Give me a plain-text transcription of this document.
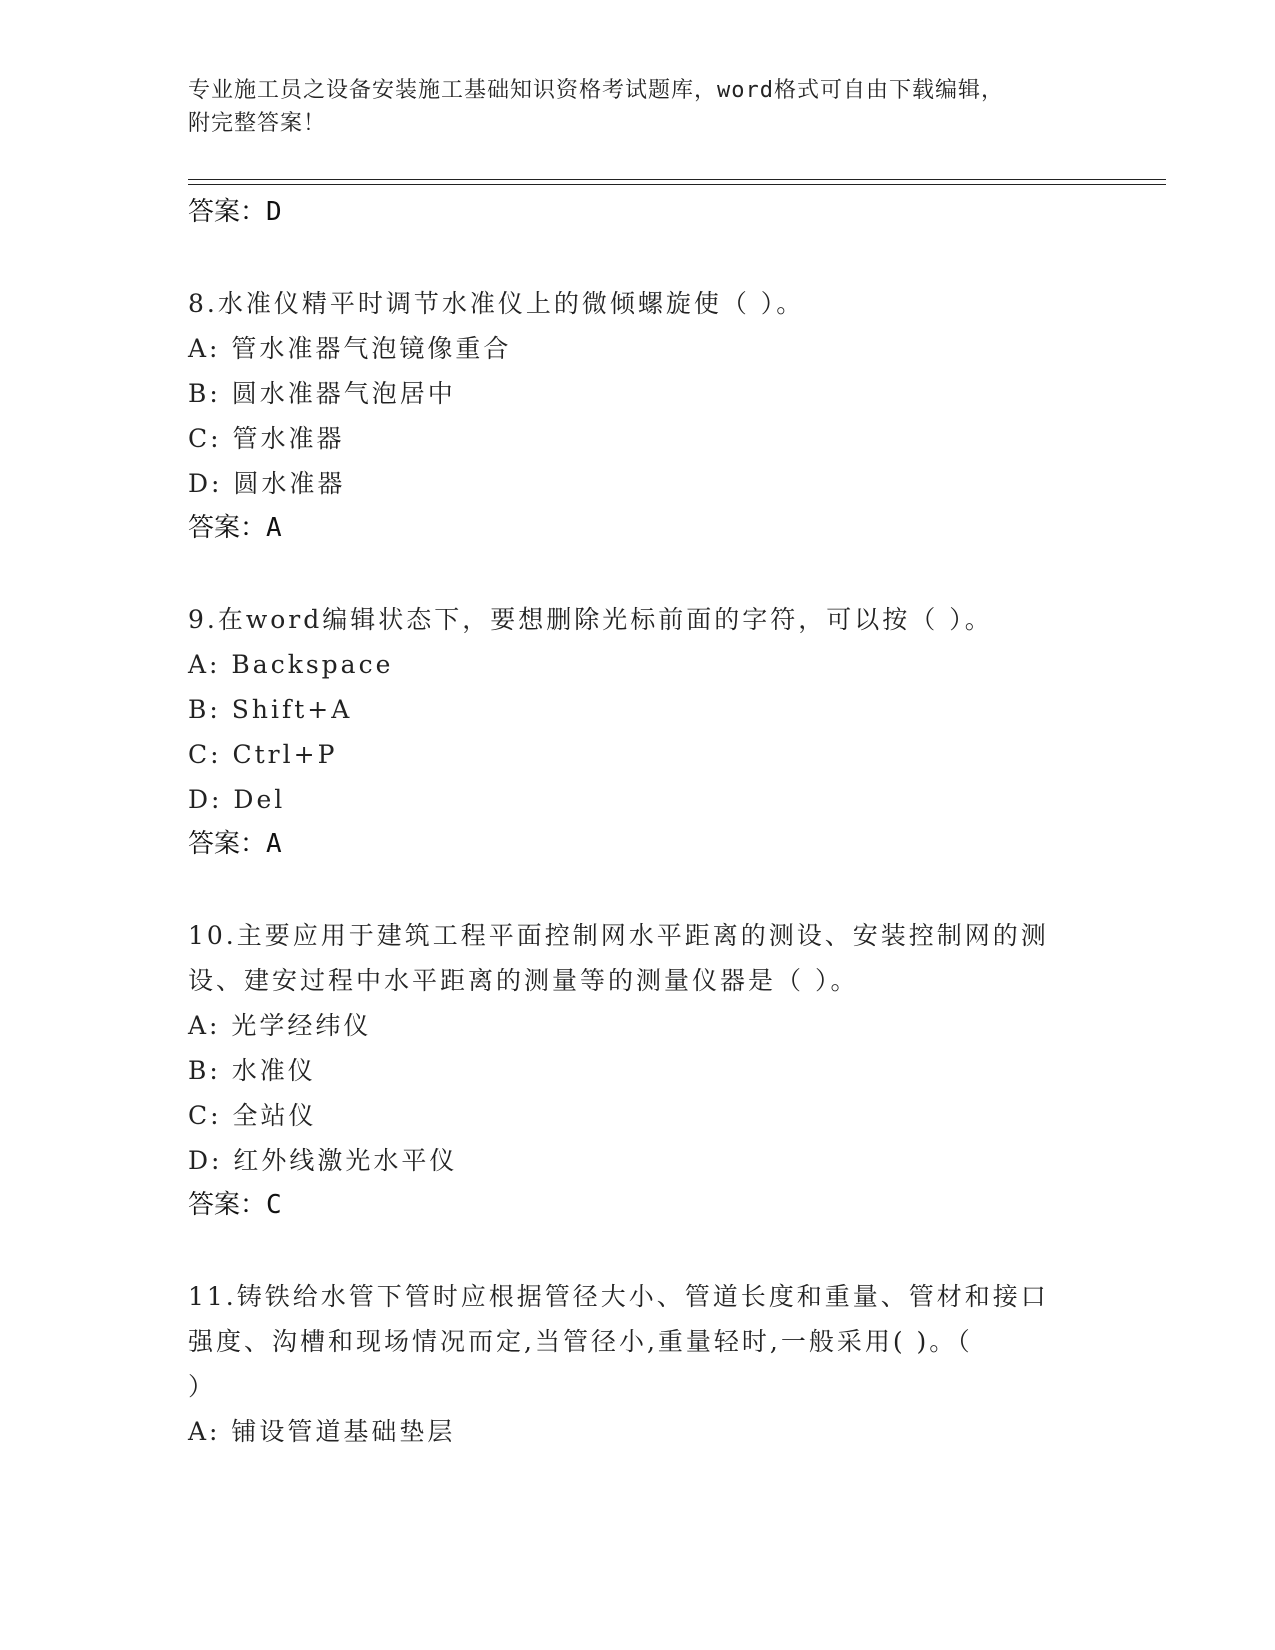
专业施工员之设备安装施工基础知识资格考试题库，word格式可自由下载编辑，
附完整答案！
答案：D
8.水准仪精平时调节水准仪上的微倾螺旋使（ ）。
A: 管水准器气泡镜像重合
B: 圆水准器气泡居中
C: 管水准器
D: 圆水准器
答案：A
9.在word编辑状态下，要想删除光标前面的字符，可以按（ ）。
A: Backspace
B: Shift+A
C: Ctrl+P
D: Del
答案：A
10.主要应用于建筑工程平面控制网水平距离的测设、安装控制网的测
设、建安过程中水平距离的测量等的测量仪器是（ ）。
A: 光学经纬仪
B: 水准仪
C: 全站仪
D: 红外线激光水平仪
答案：C
11.铸铁给水管下管时应根据管径大小、管道长度和重量、管材和接口
强度、沟槽和现场情况而定,当管径小,重量轻时,一般采用( )。（
）
A: 铺设管道基础垫层
